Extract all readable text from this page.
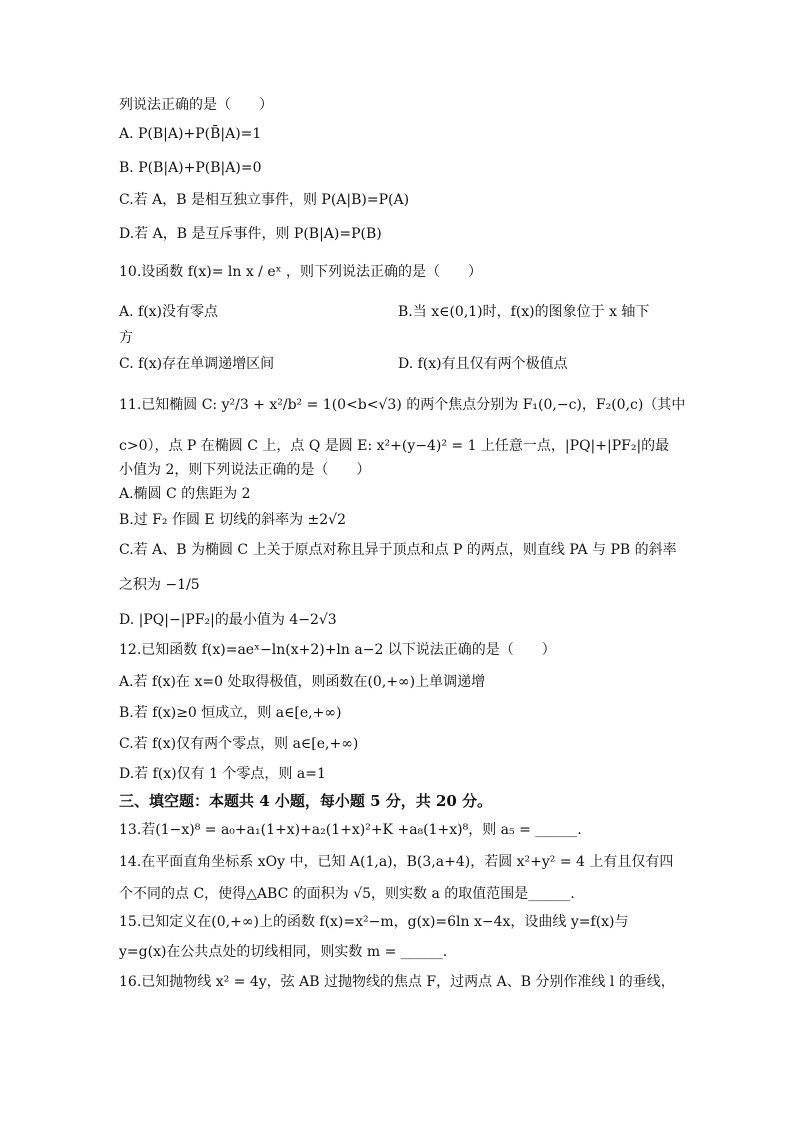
列说法正确的是（　　）
A. P(B|A)+P(B̄|A)=1
B. P(B|A)+P(B|A)=0
C.若 A，B 是相互独立事件，则 P(A|B)=P(A)
D.若 A，B 是互斥事件，则 P(B|A)=P(B)
10.设函数 f(x)= ln x / eˣ ，则下列说法正确的是（　　）
A. f(x)没有零点	B.当 x∈(0,1)时，f(x)的图象位于 x 轴下
方
C. f(x)存在单调递增区间	D. f(x)有且仅有两个极值点
11.已知椭圆 C: y²/3 + x²/b² = 1(0<b<√3) 的两个焦点分别为 F₁(0,−c)，F₂(0,c)（其中
c>0），点 P 在椭圆 C 上，点 Q 是圆 E: x²+(y−4)² = 1 上任意一点，|PQ|+|PF₂|的最
小值为 2，则下列说法正确的是（　　）
A.椭圆 C 的焦距为 2
B.过 F₂ 作圆 E 切线的斜率为 ±2√2
C.若 A、B 为椭圆 C 上关于原点对称且异于顶点和点 P 的两点，则直线 PA 与 PB 的斜率
之积为 −1/5
D. |PQ|−|PF₂|的最小值为 4−2√3
12.已知函数 f(x)=aeˣ−ln(x+2)+ln a−2 以下说法正确的是（　　）
A.若 f(x)在 x=0 处取得极值，则函数在(0,+∞)上单调递增
B.若 f(x)≥0 恒成立，则 a∈[e,+∞)
C.若 f(x)仅有两个零点，则 a∈[e,+∞)
D.若 f(x)仅有 1 个零点，则 a=1
三、填空题：本题共 4 小题，每小题 5 分，共 20 分。
13.若(1−x)⁸ = a₀+a₁(1+x)+a₂(1+x)²+K +a₈(1+x)⁸，则 a₅ = ______.
14.在平面直角坐标系 xOy 中，已知 A(1,a)，B(3,a+4)，若圆 x²+y² = 4 上有且仅有四
个不同的点 C，使得△ABC 的面积为 √5，则实数 a 的取值范围是______.
15.已知定义在(0,+∞)上的函数 f(x)=x²−m，g(x)=6ln x−4x，设曲线 y=f(x)与
y=g(x)在公共点处的切线相同，则实数 m = ______.
16.已知抛物线 x² = 4y，弦 AB 过抛物线的焦点 F，过两点 A、B 分别作准线 l 的垂线，
